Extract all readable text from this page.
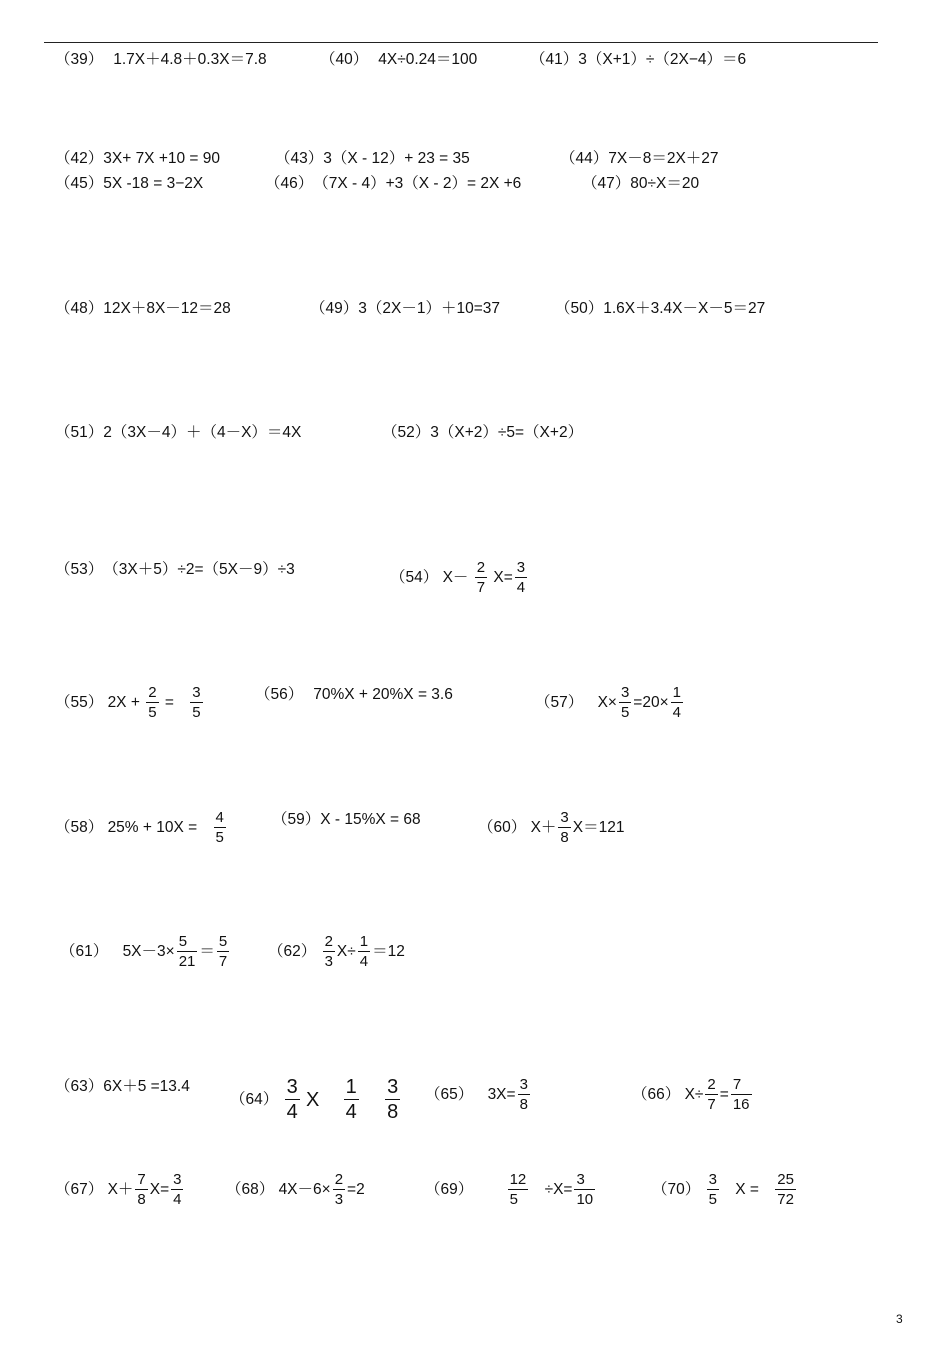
（39） 1.7X＋4.8＋0.3X＝7.8	（40） 4X÷0.24＝100	（41）3（X+1）÷（2X−4）＝6
（42）3X+ 7X +10 = 90	（43）3（X - 12）+ 23 = 35	（44）7X－8＝2X＋27
（45）5X -18 = 3−2X	（46）（7X - 4）+3（X - 2）= 2X +6	（47）80÷X＝20
（48）12X＋8X－12＝28	（49）3（2X－1）＋10=37	（50）1.6X＋3.4X－X－5＝27
（51）2（3X－4）＋（4－X）＝4X	（52）3（X+2）÷5=（X+2）
（53）（3X＋5）÷2=（5X－9）÷3	（54） $X- \frac{2}{7} X= \frac{3}{4}$
（55） $2X + \frac{2}{5} = \frac{3}{5}$	（56） 70%X + 20%X = 3.6	（57） $X\times \frac{3}{5} =20\times \frac{1}{4}$
（58） $25\% + 10X = \frac{4}{5}$	（59）X - 15%X = 68	（60） $X+ \frac{3}{8} X=121$
（61） $5X-3\times \frac{5}{21} = \frac{5}{7}$	$(62) \frac{2}{3} X\div \frac{1}{4} =12$
（63）6X＋5 =13.4
$(64) \frac{3}{4}$ X $\frac{1}{4}$
$\frac{3}{8} (65)$ $3X= \frac{3}{8}$	（66） $X\div \frac{2}{7} = \frac{7}{16}$
（67） $X+ \frac{7}{8} X= \frac{3}{4}$	（68） $4X-6\times \frac{2}{3} =2$	$(69) \frac{12}{5} \div X= \frac{3}{10}$	$(70) \frac{3}{5}$ $X = \frac{25}{72}$
3
